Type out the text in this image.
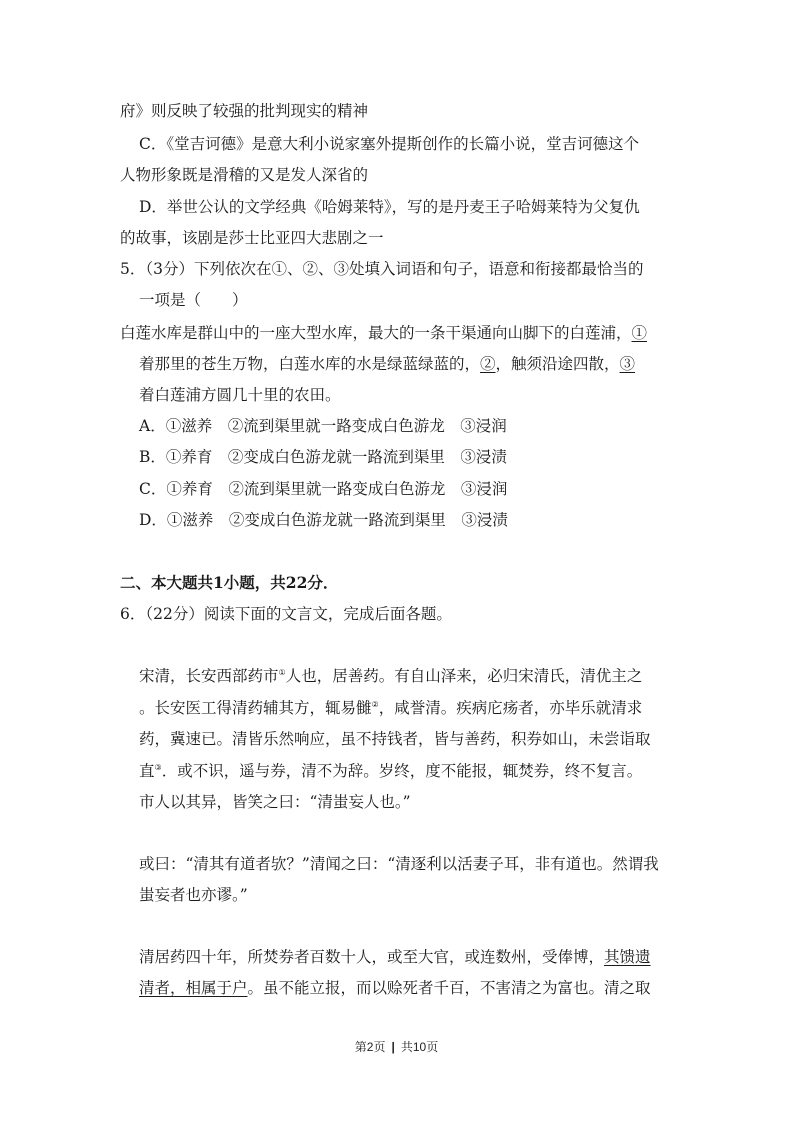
府》则反映了较强的批判现实的精神
C．《堂吉诃德》是意大利小说家塞外提斯创作的长篇小说，堂吉诃德这个
人物形象既是滑稽的又是发人深省的
D．举世公认的文学经典《哈姆莱特》，写的是丹麦王子哈姆莱特为父复仇
的故事，该剧是莎士比亚四大悲剧之一
5．（3分）下列依次在①、②、③处填入词语和句子，语意和衔接都最恰当的
一项是（　　）
白莲水库是群山中的一座大型水库，最大的一条干渠通向山脚下的白莲浦，①
着那里的苍生万物，白莲水库的水是绿蓝绿蓝的，②，触须沿途四散，③
着白莲浦方圆几十里的农田。
A．①滋养　②流到渠里就一路变成白色游龙　③浸润
B．①养育　②变成白色游龙就一路流到渠里　③浸渍
C．①养育　②流到渠里就一路变成白色游龙　③浸润
D．①滋养　②变成白色游龙就一路流到渠里　③浸渍
二、本大题共1小题，共22分．
6．（22分）阅读下面的文言文，完成后面各题。
宋清，长安西部药市①人也，居善药。有自山泽来，必归宋清氏，清优主之
。长安医工得清药辅其方，辄易雠②，咸誉清。疾病庀疡者，亦毕乐就清求
药，冀速已。清皆乐然响应，虽不持钱者，皆与善药，积券如山，未尝诣取
直③．或不识，遥与券，清不为辞。岁终，度不能报，辄焚券，终不复言。
市人以其异，皆笑之曰：“清蚩妄人也。”
或曰：“清其有道者欤？”清闻之曰：“清逐利以活妻子耳，非有道也。然谓我
蚩妄者也亦谬。”
清居药四十年，所焚券者百数十人，或至大官，或连数州，受俸博，其馈遗
清者，相属于户。虽不能立报，而以赊死者千百，不害清之为富也。清之取
第2页 | 共10页
